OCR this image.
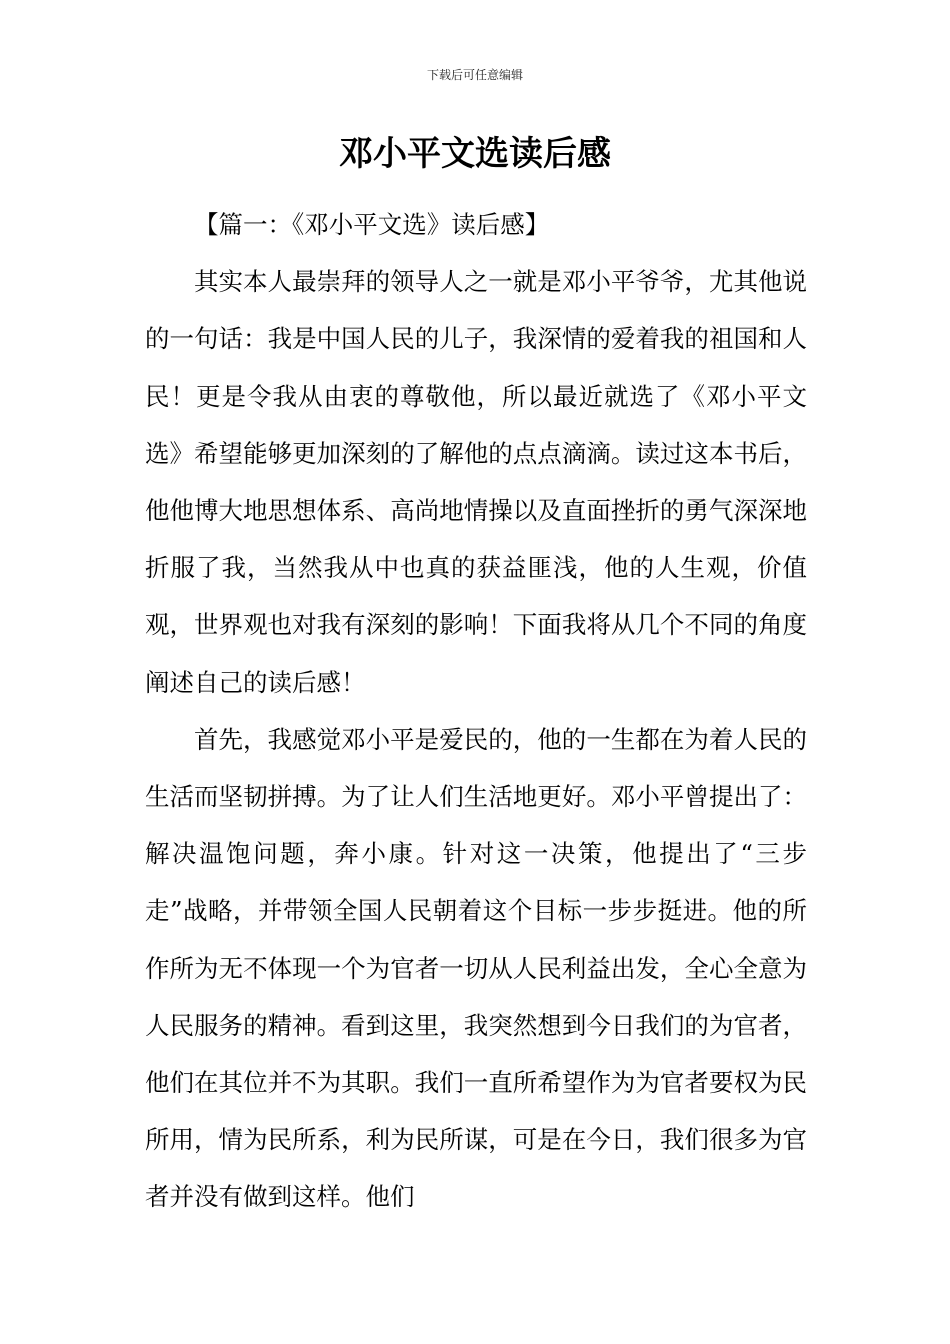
下载后可任意编辑
邓小平文选读后感

【篇一：《邓小平文选》读后感】

其实本人最崇拜的领导人之一就是邓小平爷爷，尤其他说的一句话：我是中国人民的儿子，我深情的爱着我的祖国和人民！更是令我从由衷的尊敬他，所以最近就选了《邓小平文选》希望能够更加深刻的了解他的点点滴滴。读过这本书后，他他博大地思想体系、高尚地情操以及直面挫折的勇气深深地折服了我，当然我从中也真的获益匪浅，他的人生观，价值观，世界观也对我有深刻的影响！下面我将从几个不同的角度阐述自己的读后感！

首先，我感觉邓小平是爱民的，他的一生都在为着人民的生活而坚韧拼搏。为了让人们生活地更好。邓小平曾提出了：解决温饱问题，奔小康。针对这一决策，他提出了“三步走”战略，并带领全国人民朝着这个目标一步步挺进。他的所作所为无不体现一个为官者一切从人民利益出发，全心全意为人民服务的精神。看到这里，我突然想到今日我们的为官者，他们在其位并不为其职。我们一直所希望作为为官者要权为民所用，情为民所系，利为民所谋，可是在今日，我们很多为官者并没有做到这样。他们
